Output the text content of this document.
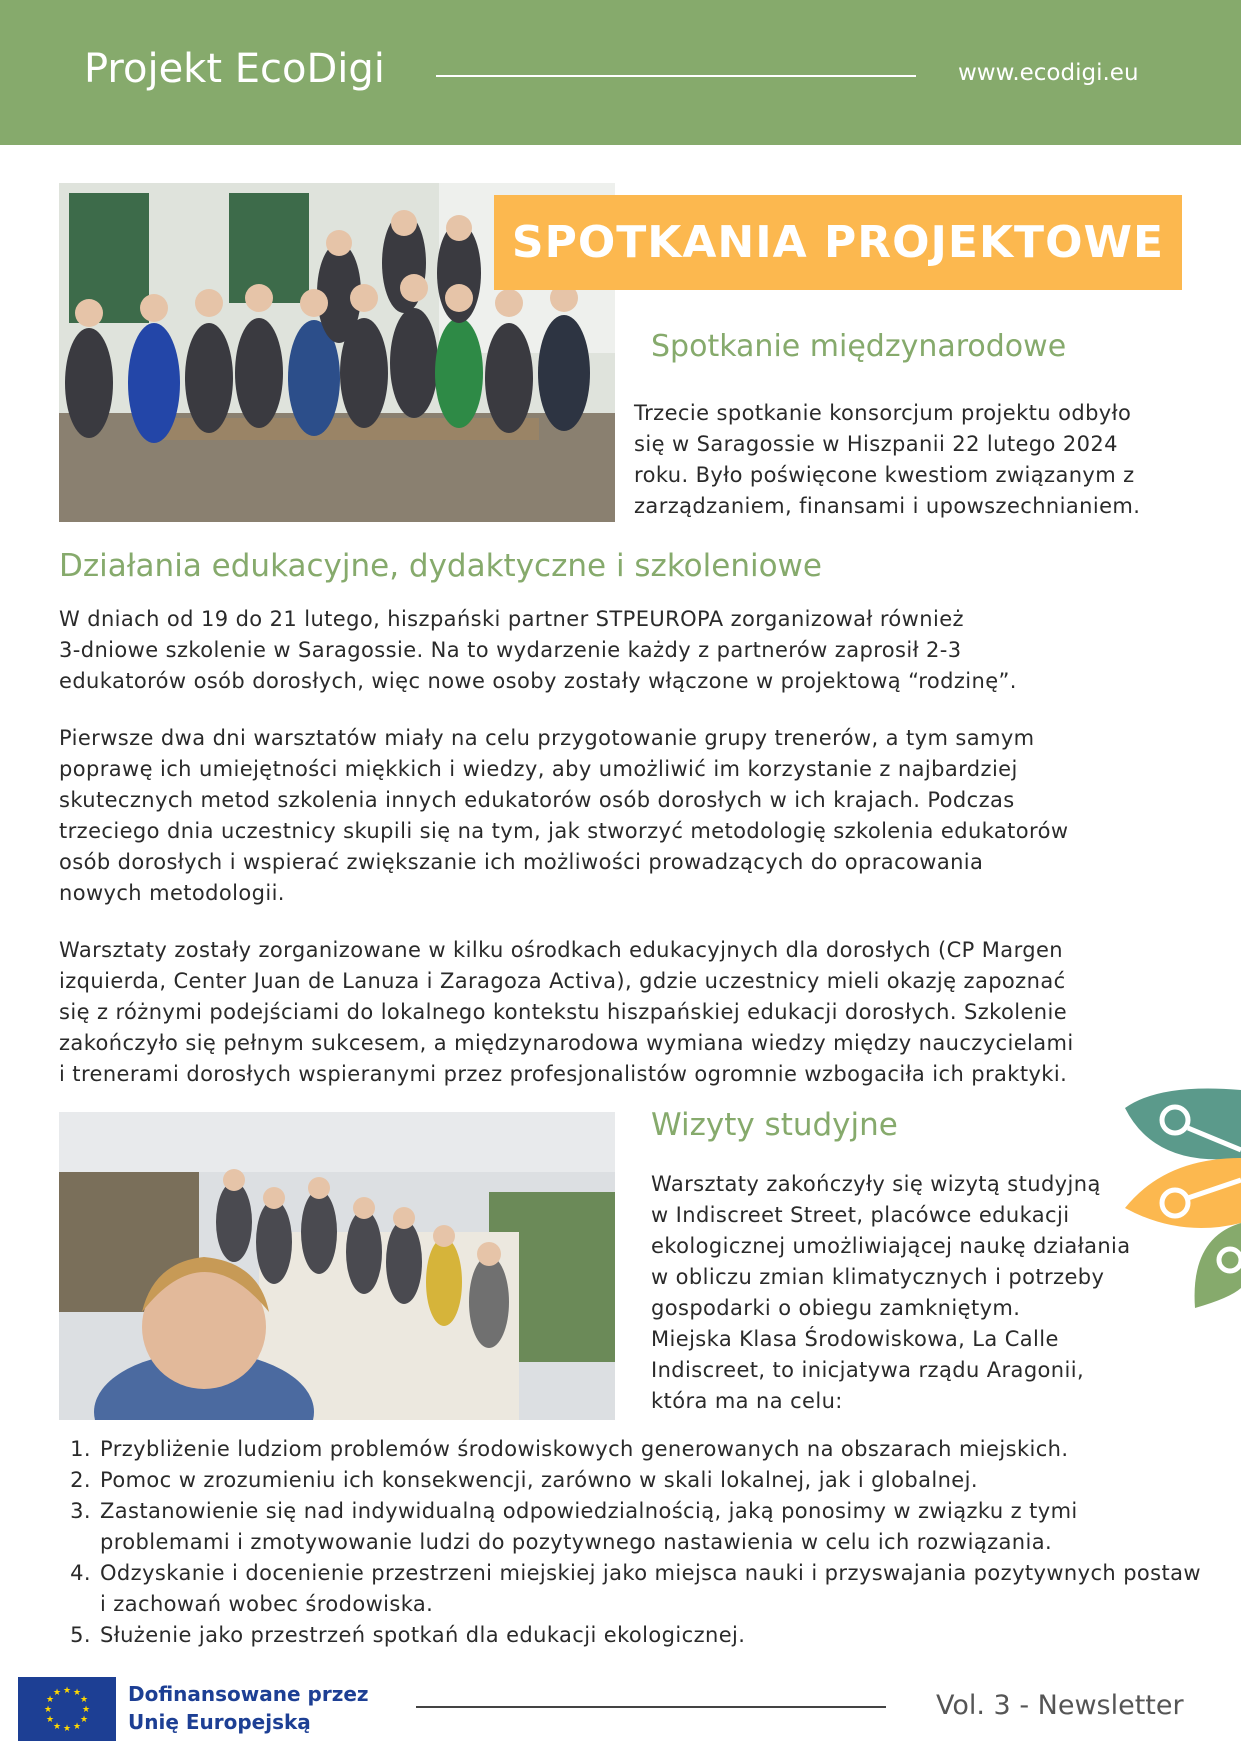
Projekt EcoDigi	www.ecodigi.eu
SPOTKANIA PROJEKTOWE
Spotkanie międzynarodowe
Trzecie spotkanie konsorcjum projektu odbyło
się w Saragossie w Hiszpanii 22 lutego 2024
roku. Było poświęcone kwestiom związanym z
zarządzaniem, finansami i upowszechnianiem.
Działania edukacyjne, dydaktyczne i szkoleniowe
W dniach od 19 do 21 lutego, hiszpański partner STPEUROPA zorganizował również
3-dniowe szkolenie w Saragossie. Na to wydarzenie każdy z partnerów zaprosił 2-3
edukatorów osób dorosłych, więc nowe osoby zostały włączone w projektową “rodzinę”.
Pierwsze dwa dni warsztatów miały na celu przygotowanie grupy trenerów, a tym samym
poprawę ich umiejętności miękkich i wiedzy, aby umożliwić im korzystanie z najbardziej
skutecznych metod szkolenia innych edukatorów osób dorosłych w ich krajach. Podczas
trzeciego dnia uczestnicy skupili się na tym, jak stworzyć metodologię szkolenia edukatorów
osób dorosłych i wspierać zwiększanie ich możliwości prowadzących do opracowania
nowych metodologii.
Warsztaty zostały zorganizowane w kilku ośrodkach edukacyjnych dla dorosłych (CP Margen
izquierda, Center Juan de Lanuza i Zaragoza Activa), gdzie uczestnicy mieli okazję zapoznać
się z różnymi podejściami do lokalnego kontekstu hiszpańskiej edukacji dorosłych. Szkolenie
zakończyło się pełnym sukcesem, a międzynarodowa wymiana wiedzy między nauczycielami
i trenerami dorosłych wspieranymi przez profesjonalistów ogromnie wzbogaciła ich praktyki.
Wizyty studyjne
Warsztaty zakończyły się wizytą studyjną
w Indiscreet Street, placówce edukacji
ekologicznej umożliwiającej naukę działania
w obliczu zmian klimatycznych i potrzeby
gospodarki o obiegu zamkniętym.
Miejska Klasa Środowiskowa, La Calle
Indiscreet, to inicjatywa rządu Aragonii,
która ma na celu:
1. Przybliżenie ludziom problemów środowiskowych generowanych na obszarach miejskich.
2. Pomoc w zrozumieniu ich konsekwencji, zarówno w skali lokalnej, jak i globalnej.
3. Zastanowienie się nad indywidualną odpowiedzialnością, jaką ponosimy w związku z tymi problemami i zmotywowanie ludzi do pozytywnego nastawienia w celu ich rozwiązania.
4. Odzyskanie i docenienie przestrzeni miejskiej jako miejsca nauki i przyswajania pozytywnych postaw i zachowań wobec środowiska.
5. Służenie jako przestrzeń spotkań dla edukacji ekologicznej.
★ ★
★
★
★
★
★
★
★
★
★
★	Dofinansowane przez
Unię Europejską
Vol. 3 - Newsletter
